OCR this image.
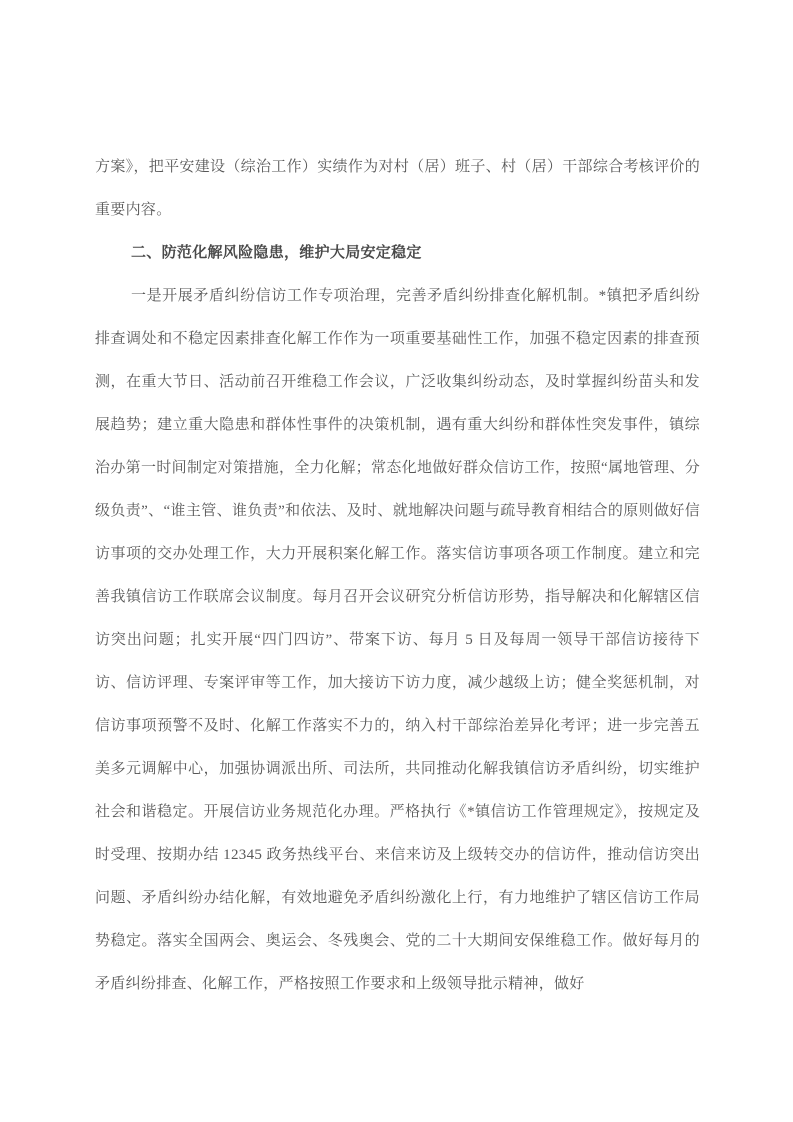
方案》，把平安建设（综治工作）实绩作为对村（居）班子、村（居）干部综合考核评价的重要内容。

二、防范化解风险隐患，维护大局安定稳定

一是开展矛盾纠纷信访工作专项治理，完善矛盾纠纷排查化解机制。*镇把矛盾纠纷排查调处和不稳定因素排查化解工作作为一项重要基础性工作，加强不稳定因素的排查预测，在重大节日、活动前召开维稳工作会议，广泛收集纠纷动态，及时掌握纠纷苗头和发展趋势；建立重大隐患和群体性事件的决策机制，遇有重大纠纷和群体性突发事件，镇综治办第一时间制定对策措施，全力化解；常态化地做好群众信访工作，按照“属地管理、分级负责”、“谁主管、谁负责”和依法、及时、就地解决问题与疏导教育相结合的原则做好信访事项的交办处理工作，大力开展积案化解工作。落实信访事项各项工作制度。建立和完善我镇信访工作联席会议制度。每月召开会议研究分析信访形势，指导解决和化解辖区信访突出问题；扎实开展“四门四访”、带案下访、每月 5 日及每周一领导干部信访接待下访、信访评理、专案评审等工作，加大接访下访力度，减少越级上访；健全奖惩机制，对信访事项预警不及时、化解工作落实不力的，纳入村干部综治差异化考评；进一步完善五美多元调解中心，加强协调派出所、司法所，共同推动化解我镇信访矛盾纠纷，切实维护社会和谐稳定。开展信访业务规范化办理。严格执行《*镇信访工作管理规定》，按规定及时受理、按期办结 12345 政务热线平台、来信来访及上级转交办的信访件，推动信访突出问题、矛盾纠纷办结化解，有效地避免矛盾纠纷激化上行，有力地维护了辖区信访工作局势稳定。落实全国两会、奥运会、冬残奥会、党的二十大期间安保维稳工作。做好每月的矛盾纠纷排查、化解工作，严格按照工作要求和上级领导批示精神，做好
